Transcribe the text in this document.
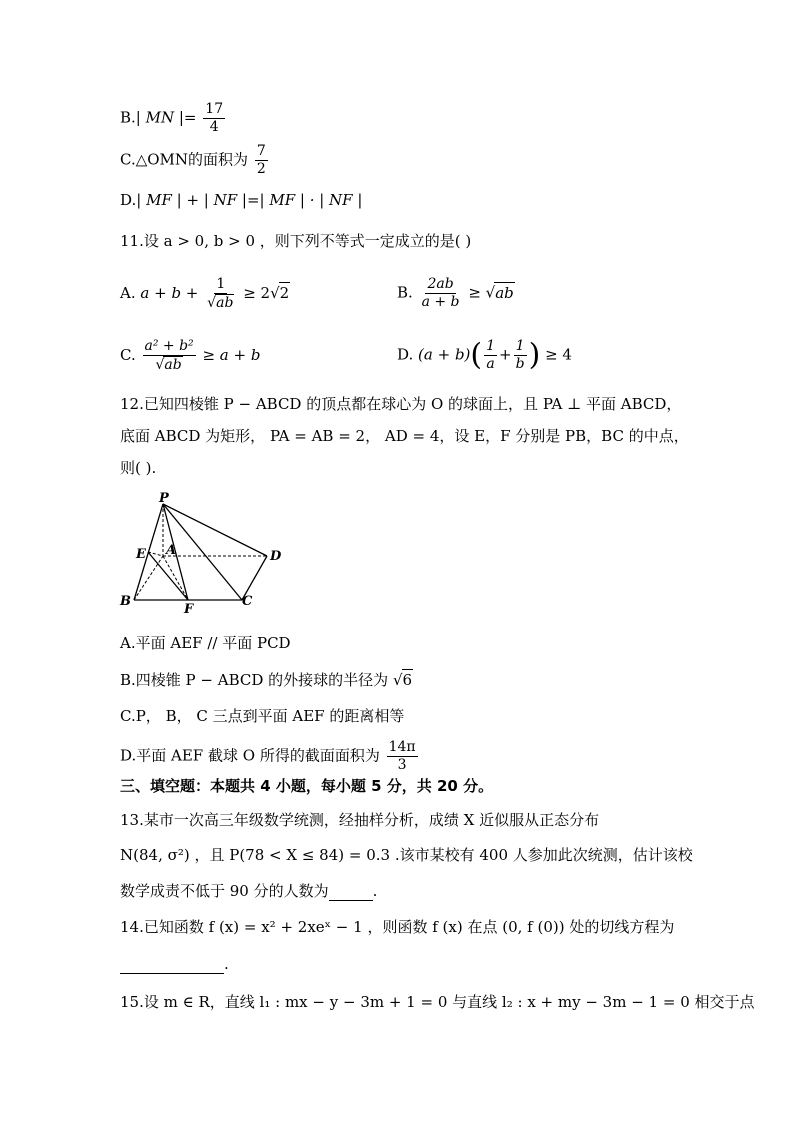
B.| MN |= $\frac{17}{4}$
C.△OMN的面积为 $\frac{7}{2}$
D.| MF | + | NF |=| MF | · | NF |
11.设 a > 0, b > 0 ，则下列不等式一定成立的是( )
A. $a + b + \frac{1}{√ab} \ge 2√2$	B. $\frac{2ab}{a + b} \ge √ab$
C. $\frac{\text{a² + b²}}{√ab} \ge a + b$	D. $(a + b)( \frac{1}{a} + \frac{1}{b}$ ) ≥ 4
12.已知四棱锥 P − ABCD 的顶点都在球心为 O 的球面上，且 PA ⊥ 平面 ABCD，
底面 ABCD 为矩形， PA = AB = 2， AD = 4，设 E，F 分别是 PB，BC 的中点，
则( ).
P
E A	D
B
F
C
A.平面 AEF // 平面 PCD
B.四棱锥 P − ABCD 的外接球的半径为 √6
C.P， B， C 三点到平面 AEF 的距离相等
D.平面 AEF 截球 O 所得的截面面积为 $\frac{14\pi}{3}$
三、填空题：本题共 4 小题，每小题 5 分，共 20 分。
13.某市一次高三年级数学统测，经抽样分析，成绩 X 近似服从正态分布
N(84, σ²) ，且 P(78 < X ≤ 84) = 0.3 .该市某校有 400 人参加此次统测，估计该校
数学成责不低于 90 分的人数为	.
14.已知函数 f (x) = x² + 2xeˣ − 1 ，则函数 f (x) 在点 (0, f (0)) 处的切线方程为
.
15.设 m ∈ R，直线 l₁ : mx − y − 3m + 1 = 0 与直线 l₂ : x + my − 3m − 1 = 0 相交于点
